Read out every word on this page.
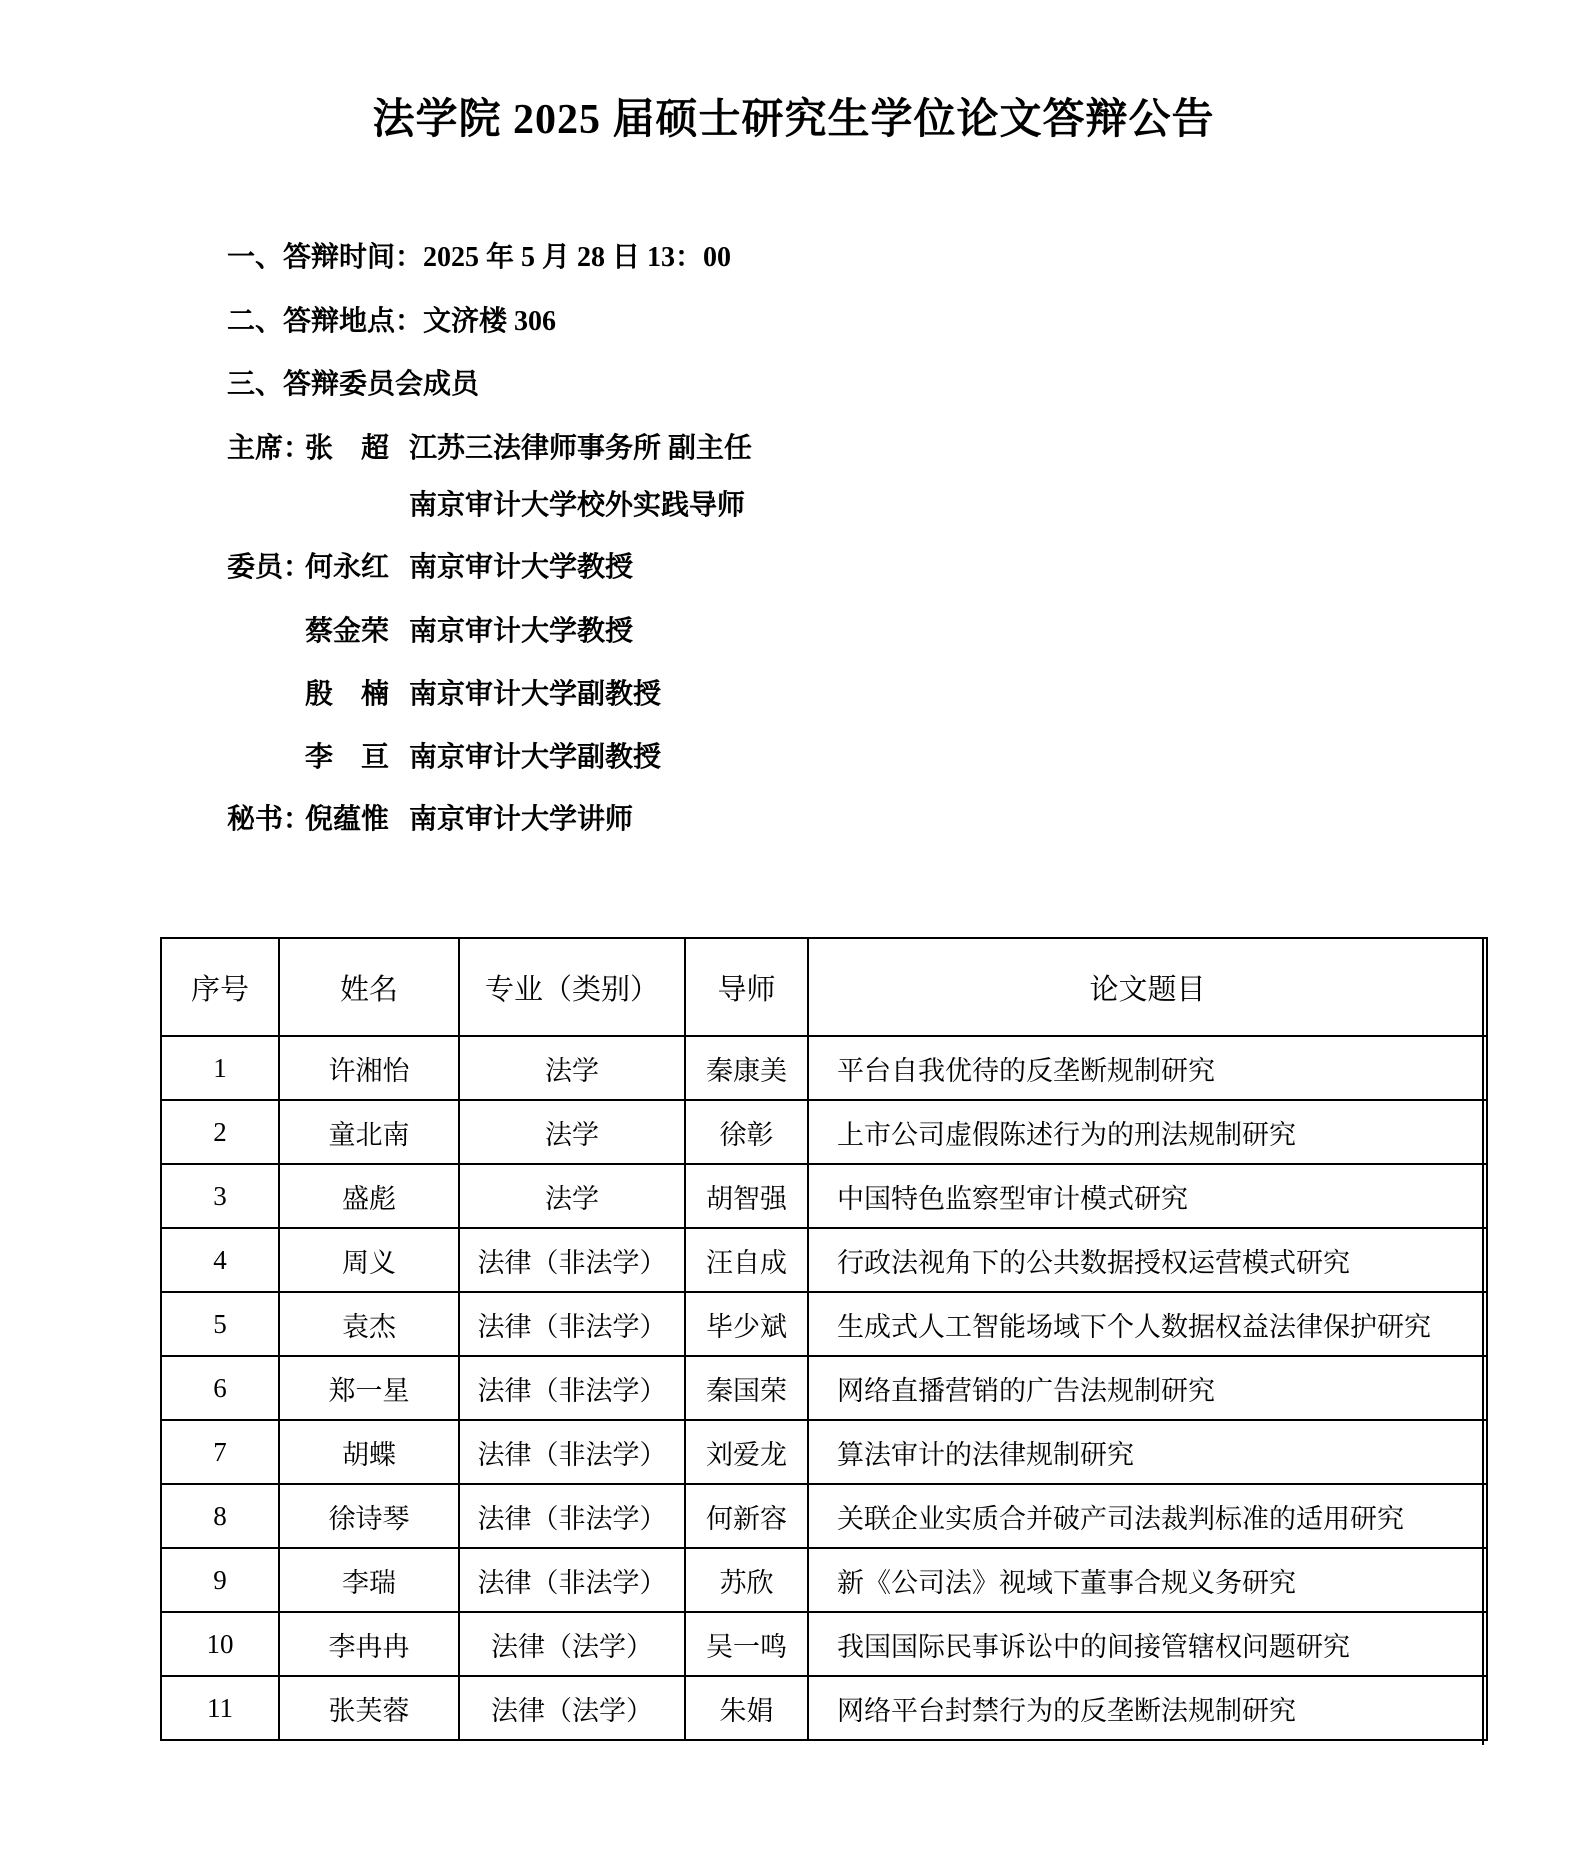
法学院 2025 届硕士研究生学位论文答辩公告
一、答辩时间：2025 年 5 月 28 日 13：00
二、答辩地点：文济楼 306
三、答辩委员会成员
主席：
张　超 江苏三法律师事务所 副主任
南京审计大学校外实践导师
委员：
何永红 南京审计大学教授
蔡金荣 南京审计大学教授
殷　楠 南京审计大学副教授
李　亘 南京审计大学副教授
秘书：
倪蕴惟 南京审计大学讲师
序号	姓名	专业（类别）	导师	论文题目
1	许湘怡	法学	秦康美	平台自我优待的反垄断规制研究
2	童北南	法学	徐彰	上市公司虚假陈述行为的刑法规制研究
3	盛彪	法学	胡智强	中国特色监察型审计模式研究
4	周义	法律（非法学）	汪自成	行政法视角下的公共数据授权运营模式研究
5	袁杰	法律（非法学）	毕少斌	生成式人工智能场域下个人数据权益法律保护研究
6	郑一星	法律（非法学）	秦国荣	网络直播营销的广告法规制研究
7	胡蝶	法律（非法学）	刘爱龙	算法审计的法律规制研究
8	徐诗琴	法律（非法学）	何新容	关联企业实质合并破产司法裁判标准的适用研究
9	李瑞	法律（非法学）	苏欣	新《公司法》视域下董事合规义务研究
10	李冉冉	法律（法学）	吴一鸣	我国国际民事诉讼中的间接管辖权问题研究
11	张芙蓉	法律（法学）	朱娟	网络平台封禁行为的反垄断法规制研究
